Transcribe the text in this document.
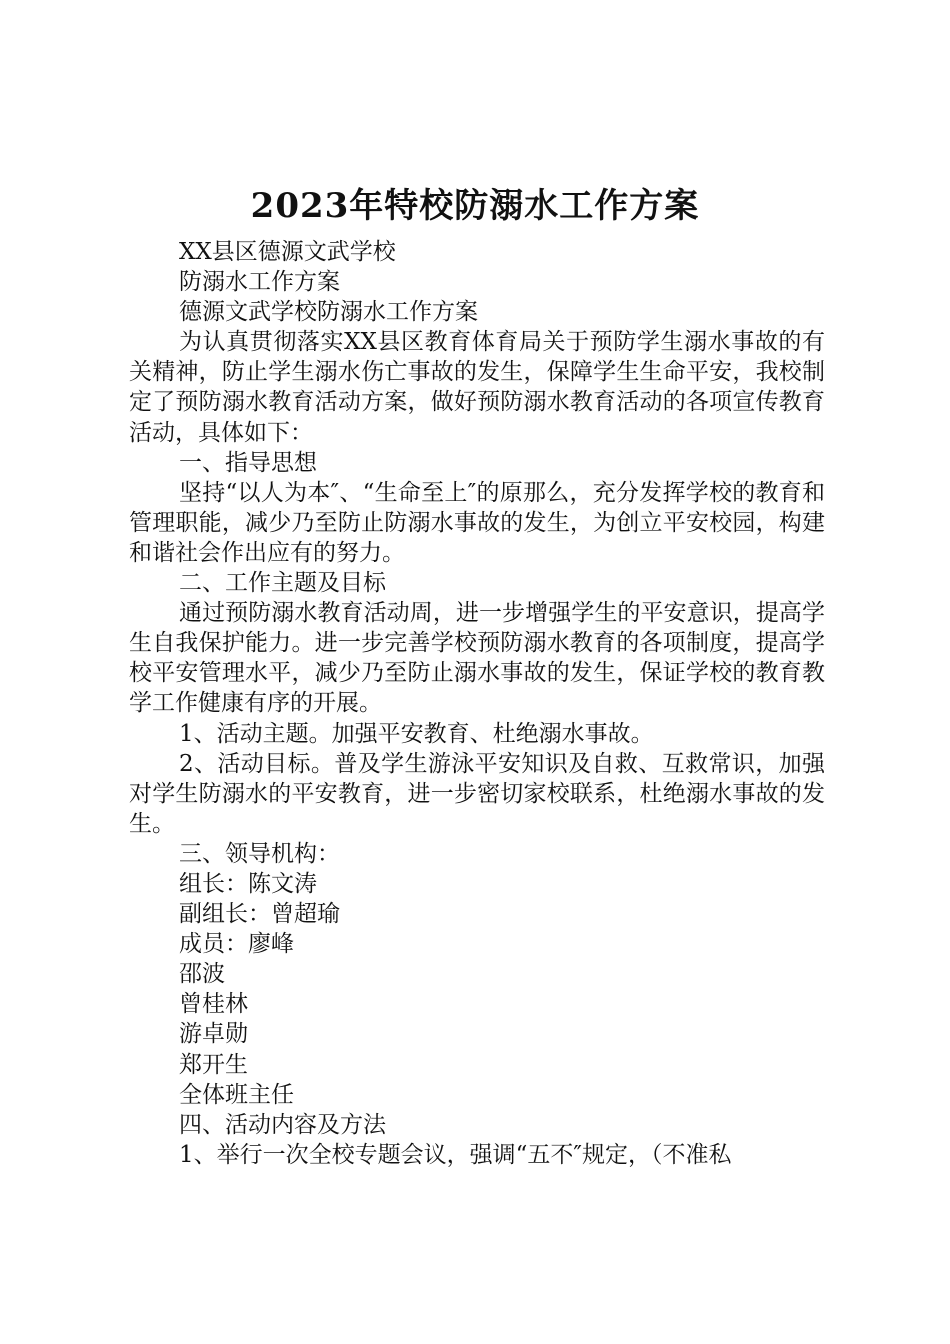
2023年特校防溺水工作方案

XX县区德源文武学校

防溺水工作方案

德源文武学校防溺水工作方案

为认真贯彻落实XX县区教育体育局关于预防学生溺水事故的有关精神，防止学生溺水伤亡事故的发生，保障学生生命平安，我校制定了预防溺水教育活动方案，做好预防溺水教育活动的各项宣传教育活动，具体如下：

一、指导思想

坚持“以人为本″、“生命至上″的原那么，充分发挥学校的教育和管理职能，减少乃至防止防溺水事故的发生，为创立平安校园，构建和谐社会作出应有的努力。

二、工作主题及目标

通过预防溺水教育活动周，进一步增强学生的平安意识，提高学生自我保护能力。进一步完善学校预防溺水教育的各项制度，提高学校平安管理水平，减少乃至防止溺水事故的发生，保证学校的教育教学工作健康有序的开展。

1、活动主题。加强平安教育、杜绝溺水事故。

2、活动目标。普及学生游泳平安知识及自救、互救常识，加强对学生防溺水的平安教育，进一步密切家校联系，杜绝溺水事故的发生。

三、领导机构：

组长：陈文涛

副组长：曾超瑜

成员：廖峰

邵波

曾桂林

游卓勋

郑开生

全体班主任

四、活动内容及方法

1、举行一次全校专题会议，强调“五不″规定，（不准私
